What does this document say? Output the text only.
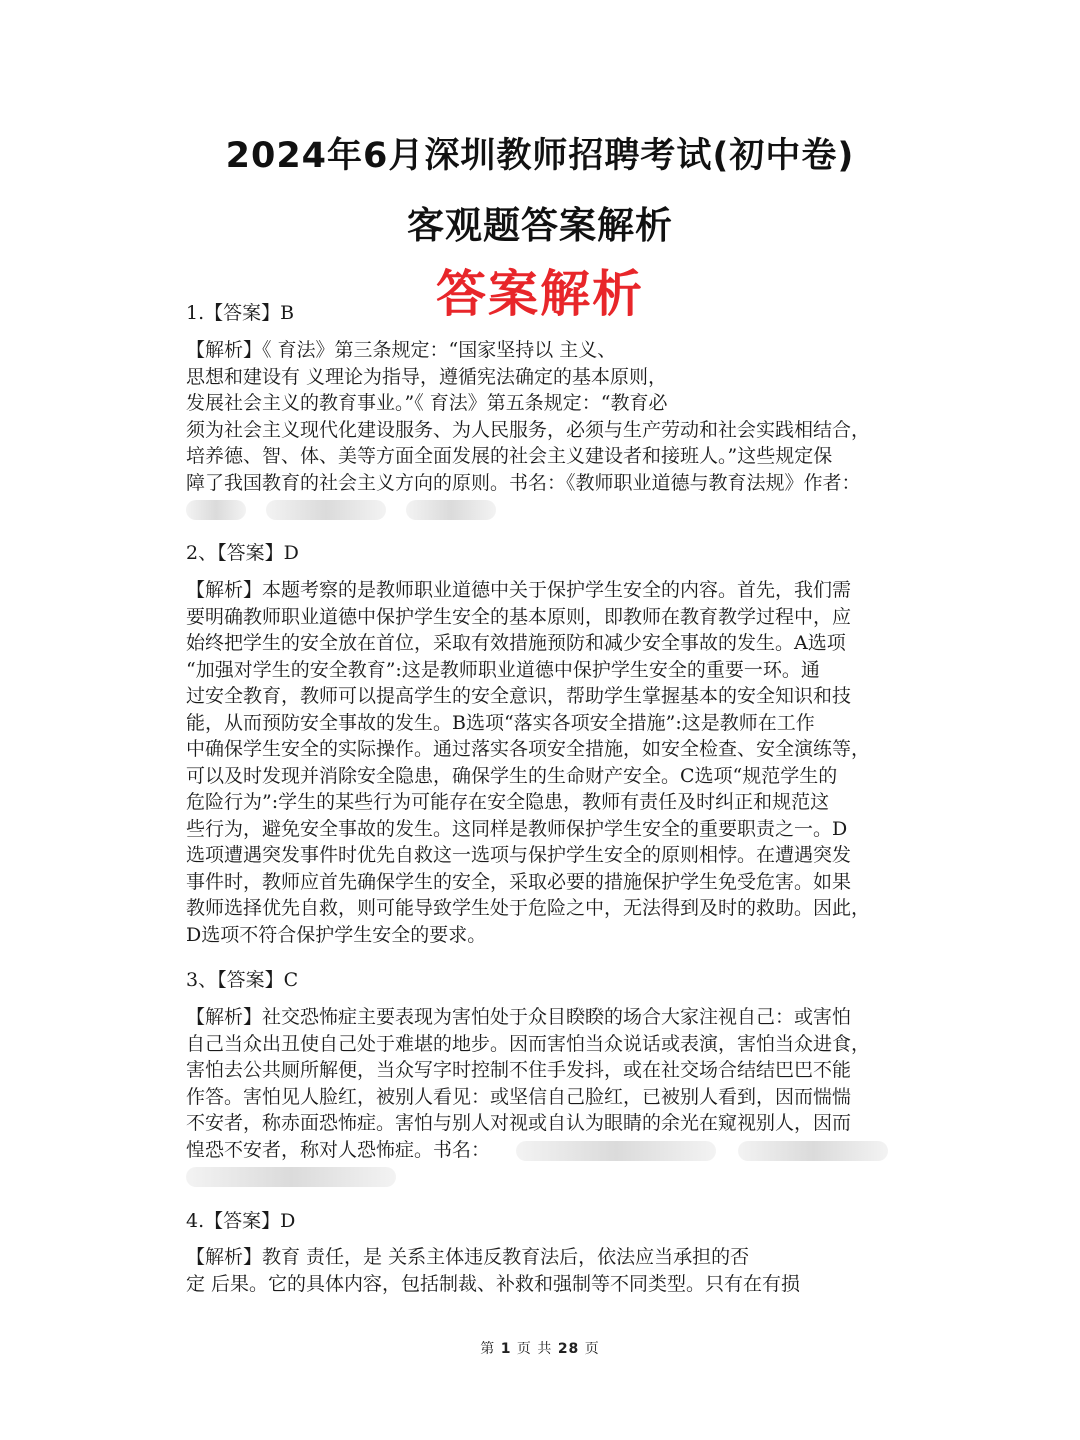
2024年6月深圳教师招聘考试(初中卷)
客观题答案解析
答案解析
1.【答案】B
【解析】《 育法》第三条规定：“国家坚持以 主义、
思想和建设有 义理论为指导，遵循宪法确定的基本原则，
发展社会主义的教育事业。”《 育法》第五条规定：“教育必
须为社会主义现代化建设服务、为人民服务，必须与生产劳动和社会实践相结合，
培养德、智、体、美等方面全面发展的社会主义建设者和接班人。”这些规定保
障了我国教育的社会主义方向的原则。书名：《教师职业道德与教育法规》作者：

2、【答案】D
【解析】本题考察的是教师职业道德中关于保护学生安全的内容。首先，我们需
要明确教师职业道德中保护学生安全的基本原则，即教师在教育教学过程中，应
始终把学生的安全放在首位，采取有效措施预防和减少安全事故的发生。A选项
“加强对学生的安全教育”:这是教师职业道德中保护学生安全的重要一环。通
过安全教育，教师可以提高学生的安全意识，帮助学生掌握基本的安全知识和技
能，从而预防安全事故的发生。B选项“落实各项安全措施”:这是教师在工作
中确保学生安全的实际操作。通过落实各项安全措施，如安全检查、安全演练等，
可以及时发现并消除安全隐患，确保学生的生命财产安全。C选项“规范学生的
危险行为”:学生的某些行为可能存在安全隐患，教师有责任及时纠正和规范这
些行为，避免安全事故的发生。这同样是教师保护学生安全的重要职责之一。D
选项遭遇突发事件时优先自救这一选项与保护学生安全的原则相悖。在遭遇突发
事件时，教师应首先确保学生的安全，采取必要的措施保护学生免受危害。如果
教师选择优先自救，则可能导致学生处于危险之中，无法得到及时的救助。因此，
D选项不符合保护学生安全的要求。
3、【答案】C
【解析】社交恐怖症主要表现为害怕处于众目睽睽的场合大家注视自己：或害怕
自己当众出丑使自己处于难堪的地步。因而害怕当众说话或表演，害怕当众进食，
害怕去公共厕所解便，当众写字时控制不住手发抖，或在社交场合结结巴巴不能
作答。害怕见人脸红，被别人看见：或坚信自己脸红，已被别人看到，因而惴惴
不安者，称赤面恐怖症。害怕与别人对视或自认为眼睛的余光在窥视别人，因而
惶恐不安者，称对人恐怖症。书名：
4.【答案】D
【解析】教育 责任，是 关系主体违反教育法后，依法应当承担的否
定 后果。它的具体内容，包括制裁、补救和强制等不同类型。只有在有损
第 1 页 共 28 页
